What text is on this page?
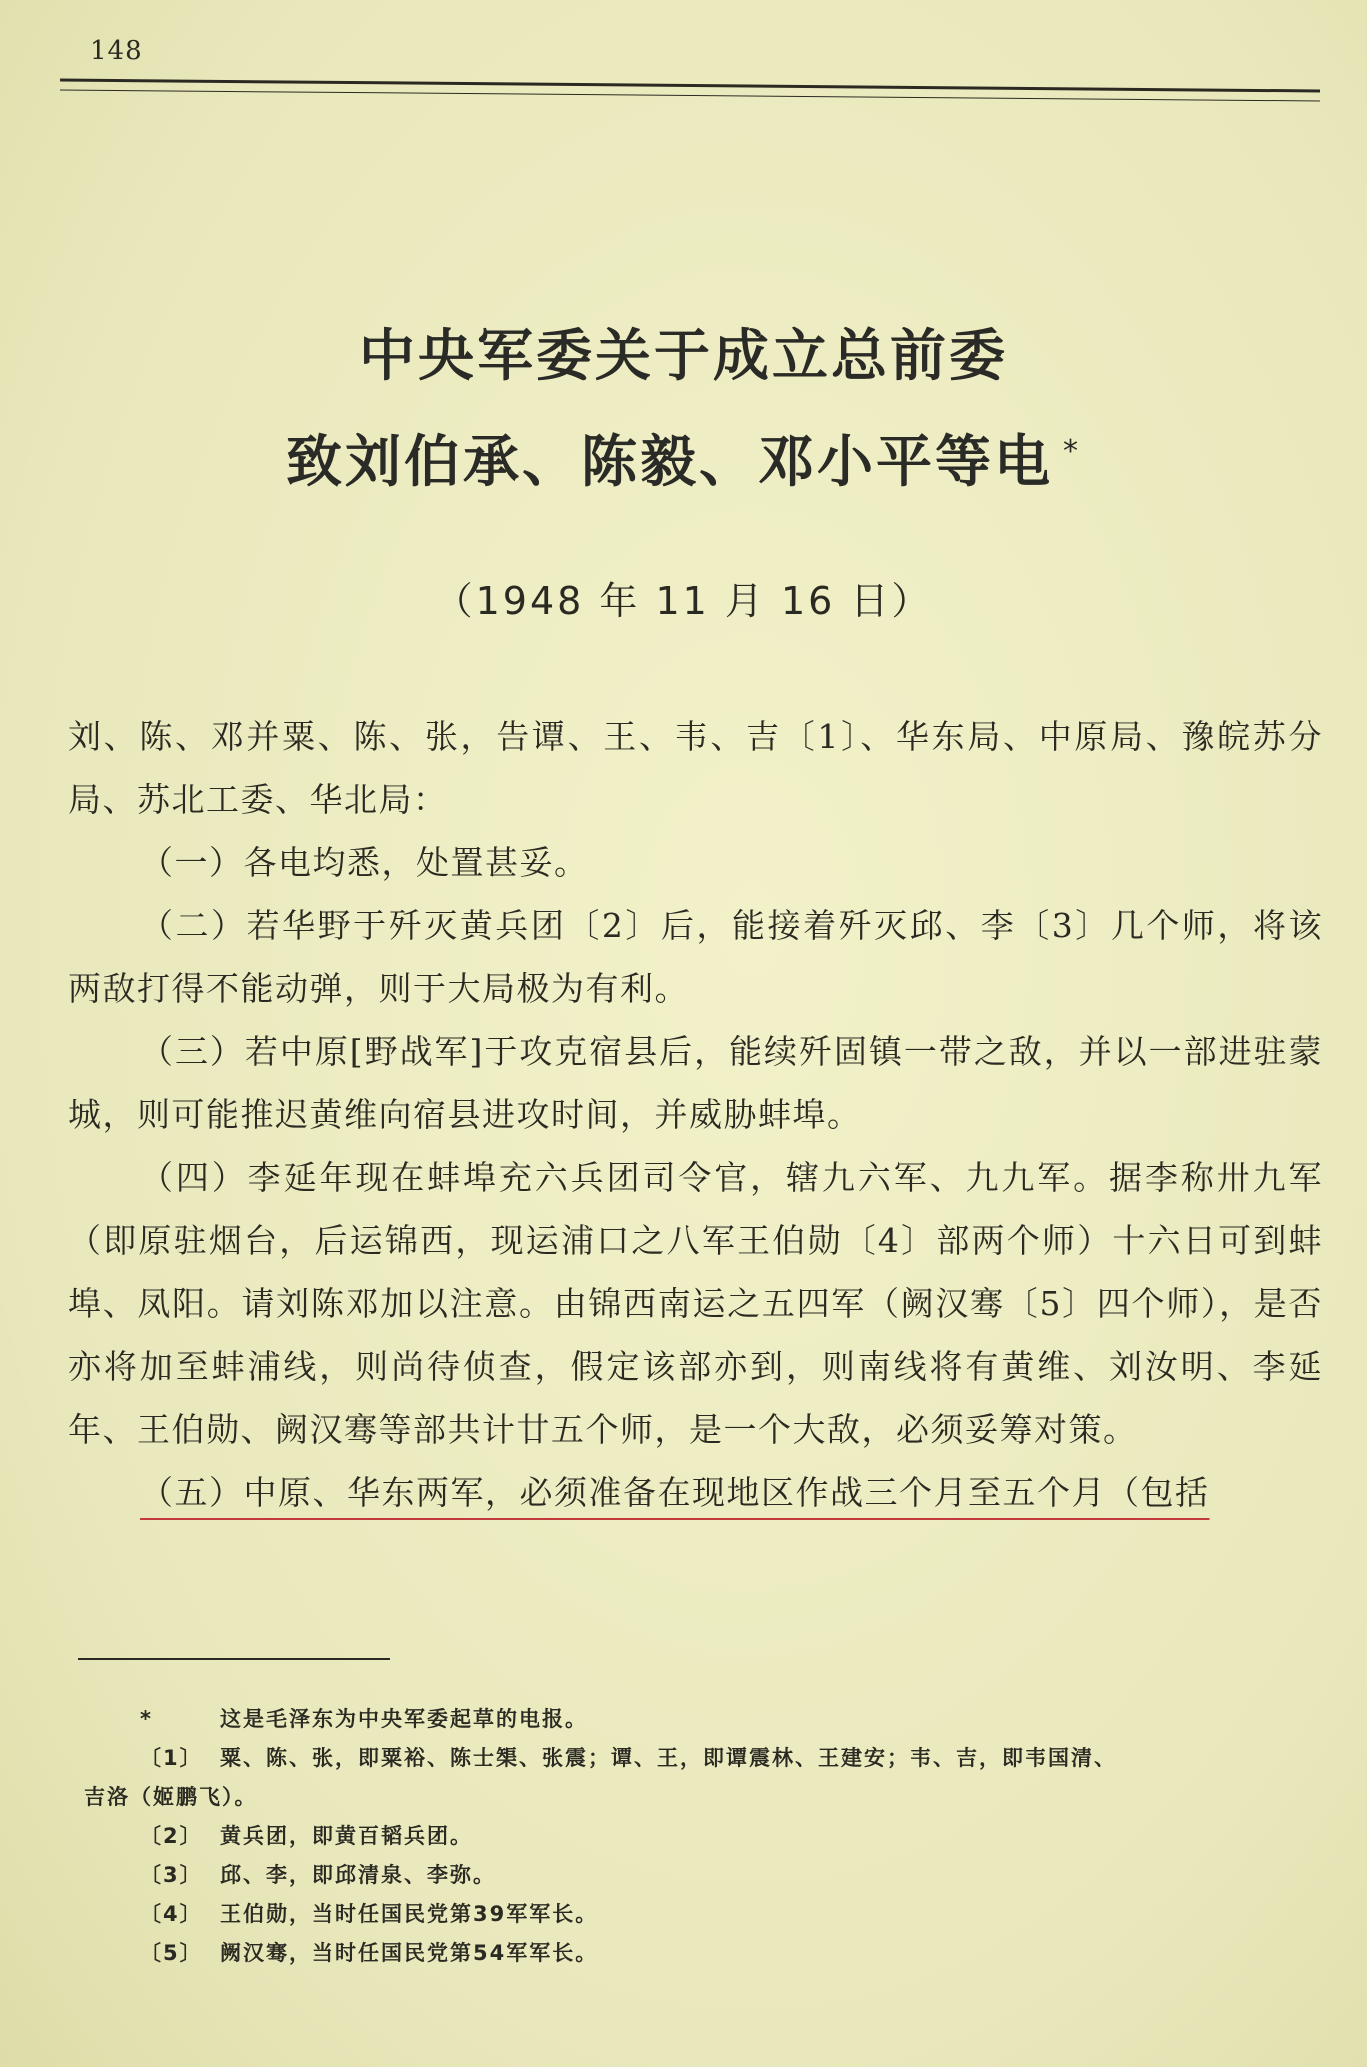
148
中央军委关于成立总前委
致刘伯承、陈毅、邓小平等电 *
（1948 年 11 月 16 日）

刘、陈、邓并粟、陈、张，告谭、王、韦、吉〔1〕、华东局、中原局、豫皖苏分局、苏北工委、华北局：

（一）各电均悉，处置甚妥。

（二）若华野于歼灭黄兵团〔2〕后，能接着歼灭邱、李〔3〕几个师，将该两敌打得不能动弹，则于大局极为有利。

（三）若中原[野战军]于攻克宿县后，能续歼固镇一带之敌，并以一部进驻蒙城，则可能推迟黄维向宿县进攻时间，并威胁蚌埠。

（四）李延年现在蚌埠充六兵团司令官，辖九六军、九九军。据李称卅九军（即原驻烟台，后运锦西，现运浦口之八军王伯勋〔4〕部两个师）十六日可到蚌埠、凤阳。请刘陈邓加以注意。由锦西南运之五四军（阙汉骞〔5〕四个师），是否亦将加至蚌浦线，则尚待侦查，假定该部亦到，则南线将有黄维、刘汝明、李延年、王伯勋、阙汉骞等部共计廿五个师，是一个大敌，必须妥筹对策。

（五）中原、华东两军，必须准备在现地区作战三个月至五个月（包括

*	这是毛泽东为中央军委起草的电报。
〔1〕 粟、陈、张，即粟裕、陈士榘、张震；谭、王，即谭震林、王建安；韦、吉，即韦国清、
吉洛（姬鹏飞）。
〔2〕 黄兵团，即黄百韬兵团。
〔3〕 邱、李，即邱清泉、李弥。
〔4〕 王伯勋，当时任国民党第39军军长。
〔5〕 阙汉骞，当时任国民党第54军军长。
